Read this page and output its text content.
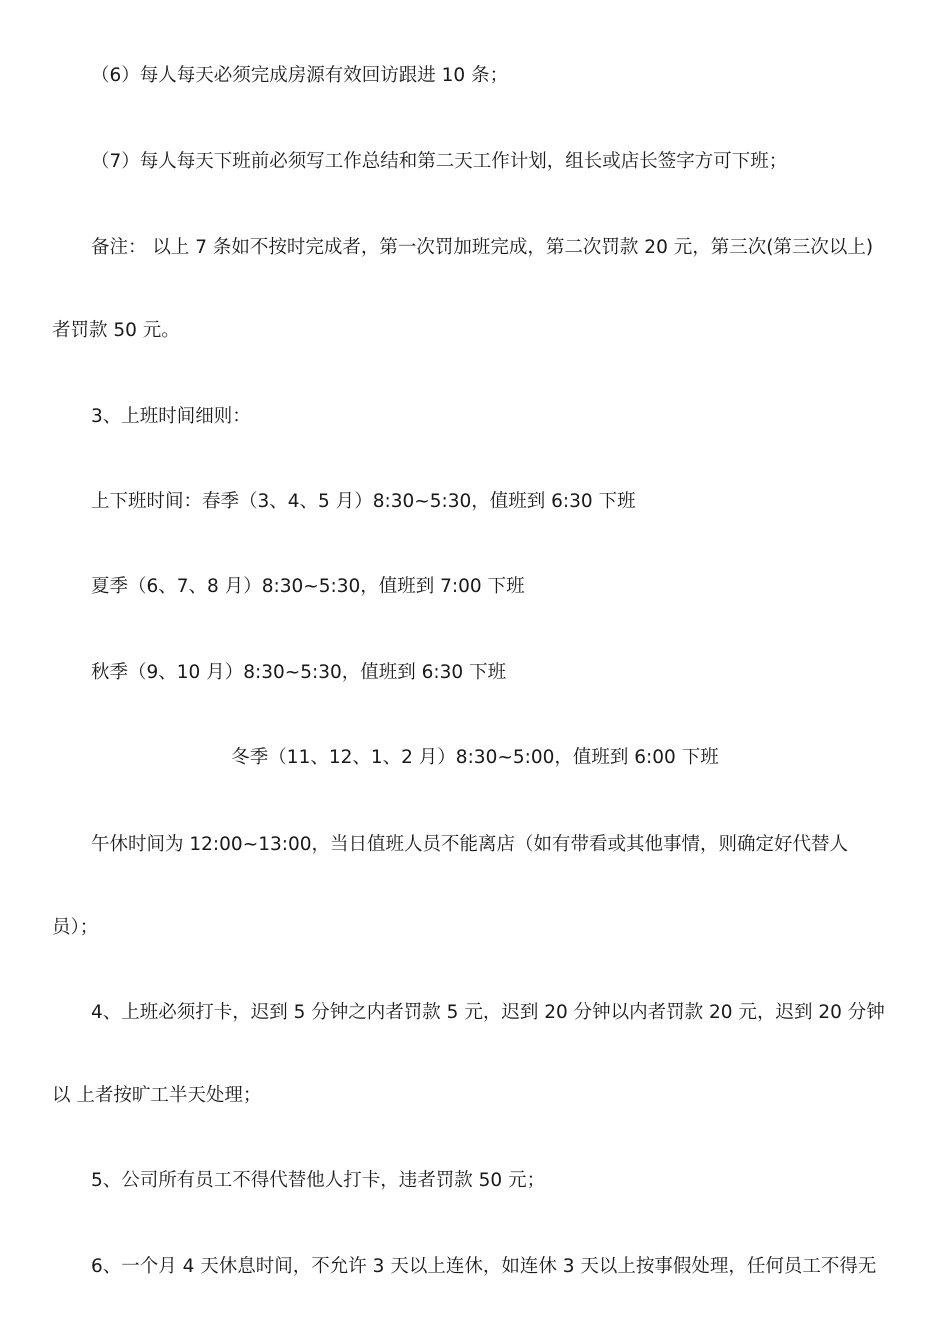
（6）每人每天必须完成房源有效回访跟进 10 条；
（7）每人每天下班前必须写工作总结和第二天工作计划，组长或店长签字方可下班；
备注： 以上 7 条如不按时完成者，第一次罚加班完成，第二次罚款 20 元，第三次(第三次以上)
者罚款 50 元。
3、上班时间细则：
上下班时间：春季（3、4、5 月）8:30~5:30，值班到 6:30 下班
夏季（6、7、8 月）8:30~5:30，值班到 7:00 下班
秋季（9、10 月）8:30~5:30，值班到 6:30 下班
冬季（11、12、1、2 月）8:30~5:00，值班到 6:00 下班
午休时间为 12:00~13:00，当日值班人员不能离店（如有带看或其他事情，则确定好代替人
员）；
4、上班必须打卡，迟到 5 分钟之内者罚款 5 元，迟到 20 分钟以内者罚款 20 元，迟到 20 分钟
以 上者按旷工半天处理；
5、公司所有员工不得代替他人打卡，违者罚款 50 元；
6、一个月 4 天休息时间，不允许 3 天以上连休，如连休 3 天以上按事假处理，任何员工不得无
